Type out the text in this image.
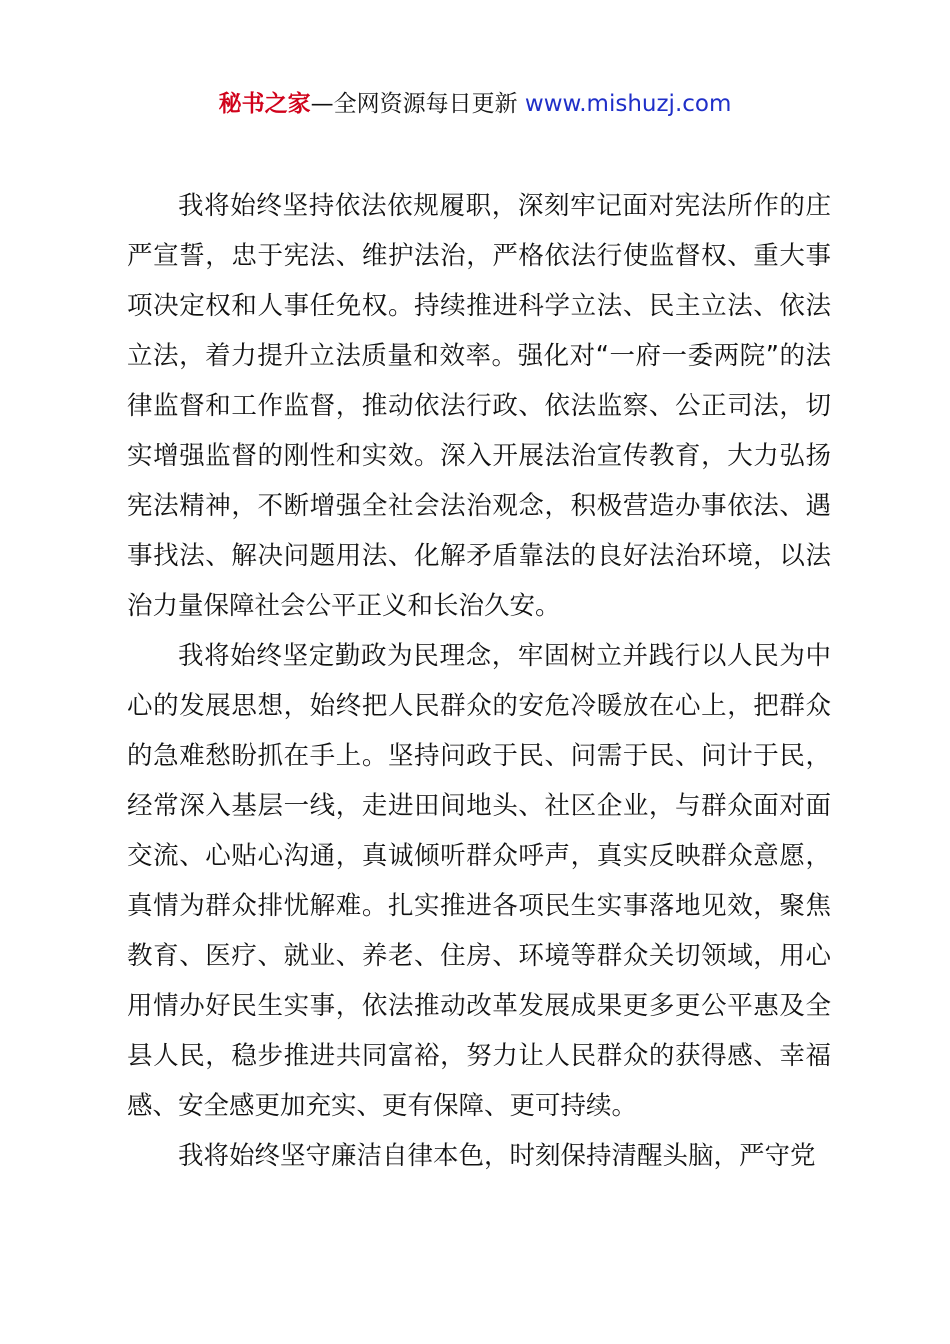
秘书之家—全网资源每日更新 www.mishuzj.com

我将始终坚持依法依规履职，深刻牢记面对宪法所作的庄严宣誓，忠于宪法、维护法治，严格依法行使监督权、重大事项决定权和人事任免权。持续推进科学立法、民主立法、依法立法，着力提升立法质量和效率。强化对“一府一委两院”的法律监督和工作监督，推动依法行政、依法监察、公正司法，切实增强监督的刚性和实效。深入开展法治宣传教育，大力弘扬宪法精神，不断增强全社会法治观念，积极营造办事依法、遇事找法、解决问题用法、化解矛盾靠法的良好法治环境，以法治力量保障社会公平正义和长治久安。

我将始终坚定勤政为民理念，牢固树立并践行以人民为中心的发展思想，始终把人民群众的安危冷暖放在心上，把群众的急难愁盼抓在手上。坚持问政于民、问需于民、问计于民，经常深入基层一线，走进田间地头、社区企业，与群众面对面交流、心贴心沟通，真诚倾听群众呼声，真实反映群众意愿，真情为群众排忧解难。扎实推进各项民生实事落地见效，聚焦教育、医疗、就业、养老、住房、环境等群众关切领域，用心用情办好民生实事，依法推动改革发展成果更多更公平惠及全县人民，稳步推进共同富裕，努力让人民群众的获得感、幸福感、安全感更加充实、更有保障、更可持续。

我将始终坚守廉洁自律本色，时刻保持清醒头脑，严守党
